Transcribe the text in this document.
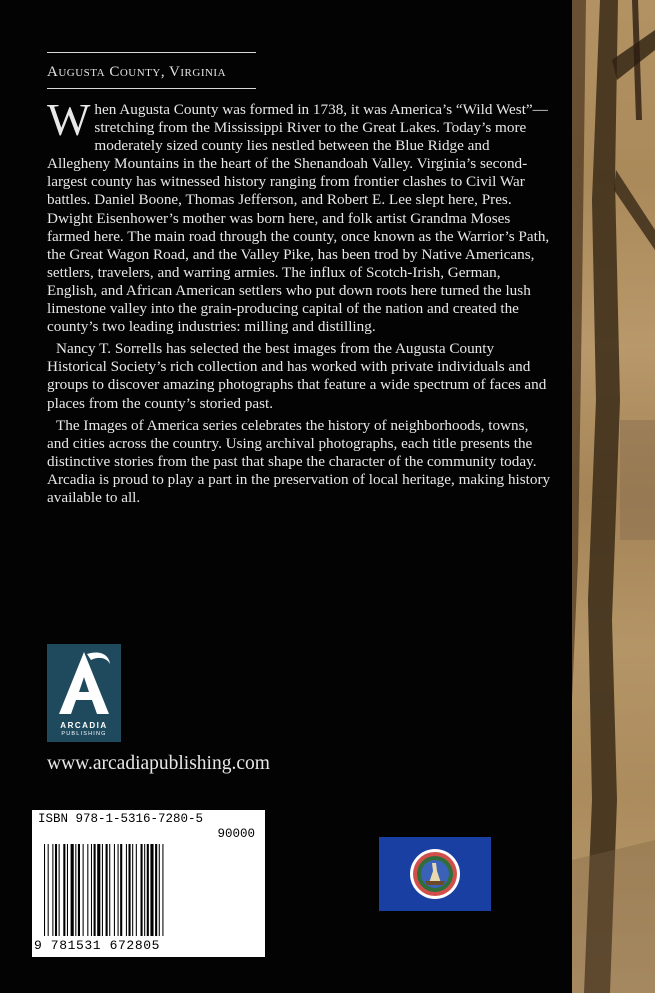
Augusta County, Virginia

When Augusta County was formed in 1738, it was America’s “Wild West”—stretching from the Mississippi River to the Great Lakes. Today’s more moderately sized county lies nestled between the Blue Ridge and Allegheny Mountains in the heart of the Shenandoah Valley. Virginia’s second-largest county has witnessed history ranging from frontier clashes to Civil War battles. Daniel Boone, Thomas Jefferson, and Robert E. Lee slept here, Pres. Dwight Eisenhower’s mother was born here, and folk artist Grandma Moses farmed here. The main road through the county, once known as the Warrior’s Path, the Great Wagon Road, and the Valley Pike, has been trod by Native Americans, settlers, travelers, and warring armies. The influx of Scotch-Irish, German, English, and African American settlers who put down roots here turned the lush limestone valley into the grain-producing capital of the nation and created the county’s two leading industries: milling and distilling.

Nancy T. Sorrells has selected the best images from the Augusta County Historical Society’s rich collection and has worked with private individuals and groups to discover amazing photographs that feature a wide spectrum of faces and places from the county’s storied past.

The Images of America series celebrates the history of neighborhoods, towns, and cities across the country. Using archival photographs, each title presents the distinctive stories from the past that shape the character of the community today. Arcadia is proud to play a part in the preservation of local heritage, making history available to all.

ARCADIA
PUBLISHING
www.arcadiapublishing.com
ISBN 978-1-5316-7280-5
90000
9 781531 672805
